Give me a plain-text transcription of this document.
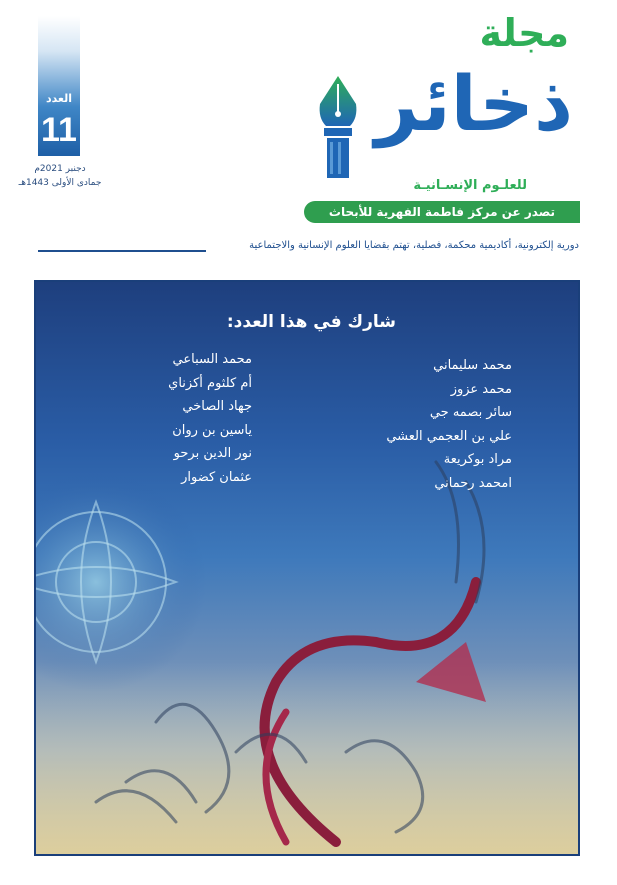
العدد
11
دجنبر 2021م
جمادى الأولى 1443هـ
مجلة
ذخائر
للعلـوم الإنسـانيـة
تصدر عن مركز فاطمة الفهرية للأبحاث والدراسات
دورية إلكترونية، أكاديمية محكمة، فصلية، تهتم بقضايا العلوم الإنسانية والاجتماعية
شارك في هذا العدد:
محمد سليماني
محمد عزوز
سائر بصمه جي
علي بن العجمي العشي
مراد بوكريعة
امحمد رحماني
محمد السباعي
أم كلثوم أكزناي
جهاد الصاخي
ياسين بن روان
نور الدين برحو
عثمان كضوار
